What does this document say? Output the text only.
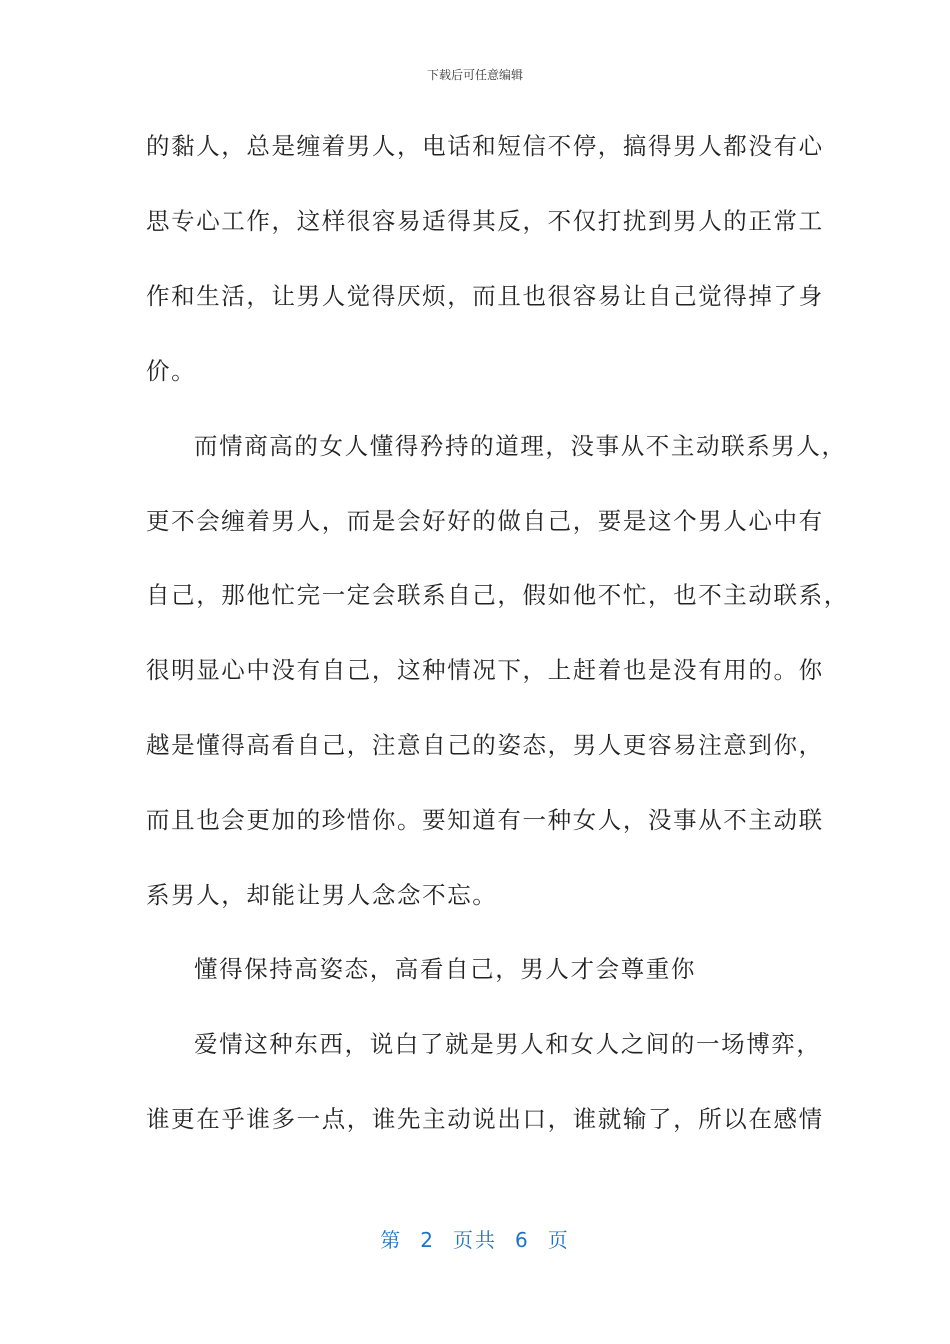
下载后可任意编辑
的黏人，总是缠着男人，电话和短信不停，搞得男人都没有心
思专心工作，这样很容易适得其反，不仅打扰到男人的正常工
作和生活，让男人觉得厌烦，而且也很容易让自己觉得掉了身
价。
而情商高的女人懂得矜持的道理，没事从不主动联系男人，
更不会缠着男人，而是会好好的做自己，要是这个男人心中有
自己，那他忙完一定会联系自己，假如他不忙，也不主动联系，
很明显心中没有自己，这种情况下，上赶着也是没有用的。你
越是懂得高看自己，注意自己的姿态，男人更容易注意到你，
而且也会更加的珍惜你。要知道有一种女人，没事从不主动联
系男人，却能让男人念念不忘。
懂得保持高姿态，高看自己，男人才会尊重你
爱情这种东西，说白了就是男人和女人之间的一场博弈，
谁更在乎谁多一点，谁先主动说出口，谁就输了，所以在感情
第 2 页共 6 页
